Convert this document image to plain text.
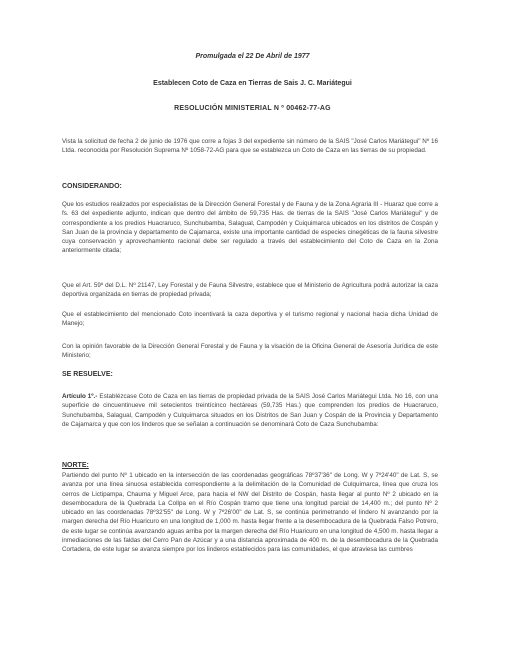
Promulgada el 22 De Abril de 1977
Establecen Coto de Caza en Tierras de Sais J. C. Mariátegui
RESOLUCIÓN MINISTERIAL N º 00462-77-AG
Vista la solicitud de fecha 2 de junio de 1976 que corre a fojas 3 del expediente sin número de la SAIS "José Carlos Mariátegui" Nº 16 Ltda. reconocida por Resolución Suprema Nº 1058-72-AG para que se establezca un Coto de Caza en las tierras de su propiedad.
CONSIDERANDO:
Que los estudios realizados por especialistas de la Dirección General Forestal y de Fauna y de la Zona Agraria III - Huaraz que corre a fs. 63 del expediente adjunto, indican que dentro del ámbito de 59,735 Has. de tierras de la SAIS "José Carlos Mariátegui" y de correspondiente a los predios Huacraruco, Sunchubamba, Salagual, Campodén y Cuiquimarca ubicados en los distritos de Cospán y San Juan de la provincia y departamento de Cajamarca, existe una importante cantidad de especies cinegéticas de la fauna silvestre cuya conservación y aprovechamiento racional debe ser regulado a través del establecimiento del Coto de Caza en la Zona anteriormente citada;
Que el Art. 59º del D.L. Nº 21147, Ley Forestal y de Fauna Silvestre, establece que el Ministerio de Agricultura podrá autorizar la caza deportiva organizada en tierras de propiedad privada;
Que el establecimiento del mencionado Coto incentivará la caza deportiva y el turismo regional y nacional hacia dicha Unidad de Manejo;
Con la opinión favorable de la Dirección General Forestal y de Fauna y la visación de la Oficina General de Asesoría Jurídica de este Ministerio;
SE RESUELVE:
Artículo 1º.- Establézcase Coto de Caza en las tierras de propiedad privada de la SAIS José Carlos Mariátegui Ltda. No 16, con una superficie de cincuentinueve mil setecientos treintícinco hectáreas (59,735 Has.) que comprenden los predios de Huacraruco, Sunchubamba, Salagual, Campodén y Culquimarca situados en los Distritos de San Juan y Cospán de la Provincia y Departamento de Cajamarca y que con los linderos que se señalan a continuación se denominará Coto de Caza Sunchubamba:
NORTE:
Partiendo del punto Nº 1 ubicado en la intersección de las coordenadas geográficas 78º37'36" de Long. W y 7º24'40" de Lat. S, se avanza por una línea sinuosa establecida correspondiente a la delimitación de la Comunidad de Culquimarca, línea que cruza los cerros de Lictipampa, Chauma y Miguel Arce, para hacia el NW del Distrito de Cospán, hasta llegar al punto Nº 2 ubicado en la desembocadura de la Quebrada La Collpa en el Río Cospán tramo que tiene una longitud parcial de 14,400 m.; del punto Nº 2 ubicado en las coordenadas 78º32'55" de Long. W y 7º26'00" de Lat. S, se continúa perimetrando el lindero N avanzando por la margen derecha del Río Huaricuro en una longitud de 1,000 m. hasta llegar frente a la desembocadura de la Quebrada Falso Potrero, de este lugar se continúa avanzando aguas arriba por la margen derecha del Río Huaricuro en una longitud de 4,500 m. hasta llegar a inmediaciones de las faldas del Cerro Pan de Azúcar y a una distancia aproximada de 400 m. de la desembocadura de la Quebrada Cortadera, de este lugar se avanza siempre por los linderos establecidos para las comunidades, el que atraviesa las cumbres
